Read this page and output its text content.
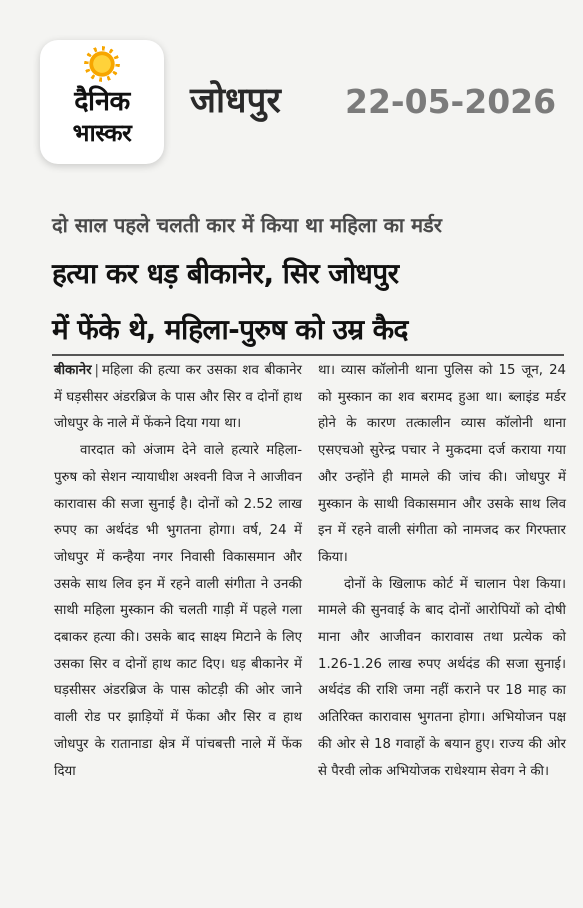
दैनिक
भास्कर
जोधपुर 22-05-2026
दो साल पहले चलती कार में किया था महिला का मर्डर
हत्या कर धड़ बीकानेर, सिर जोधपुर
में फेंके थे, महिला-पुरुष को उम्र कैद

बीकानेर | महिला की हत्या कर उसका शव बीकानेर में घड़सीसर अंडरब्रिज के पास और सिर व दोनों हाथ जोधपुर के नाले में फेंकने दिया गया था।

वारदात को अंजाम देने वाले हत्यारे महिला-पुरुष को सेशन न्यायाधीश अश्वनी विज ने आजीवन कारावास की सजा सुनाई है। दोनों को 2.52 लाख रुपए का अर्थदंड भी भुगतना होगा। वर्ष, 24 में जोधपुर में कन्हैया नगर निवासी विकासमान और उसके साथ लिव इन में रहने वाली संगीता ने उनकी साथी महिला मुस्कान की चलती गाड़ी में पहले गला दबाकर हत्या की। उसके बाद साक्ष्य मिटाने के लिए उसका सिर व दोनों हाथ काट दिए। धड़ बीकानेर में घड़सीसर अंडरब्रिज के पास कोटड़ी की ओर जाने वाली रोड पर झाड़ियों में फेंका और सिर व हाथ जोधपुर के रातानाडा क्षेत्र में पांचबत्ती नाले में फेंक दिया

था। व्यास कॉलोनी थाना पुलिस को 15 जून, 24 को मुस्कान का शव बरामद हुआ था। ब्लाइंड मर्डर होने के कारण तत्कालीन व्यास कॉलोनी थाना एसएचओ सुरेन्द्र पचार ने मुकदमा दर्ज कराया गया और उन्होंने ही मामले की जांच की। जोधपुर में मुस्कान के साथी विकासमान और उसके साथ लिव इन में रहने वाली संगीता को नामजद कर गिरफ्तार किया।

दोनों के खिलाफ कोर्ट में चालान पेश किया। मामले की सुनवाई के बाद दोनों आरोपियों को दोषी माना और आजीवन कारावास तथा प्रत्येक को 1.26-1.26 लाख रुपए अर्थदंड की सजा सुनाई। अर्थदंड की राशि जमा नहीं कराने पर 18 माह का अतिरिक्त कारावास भुगतना होगा। अभियोजन पक्ष की ओर से 18 गवाहों के बयान हुए। राज्य की ओर से पैरवी लोक अभियोजक राधेश्याम सेवग ने की।
